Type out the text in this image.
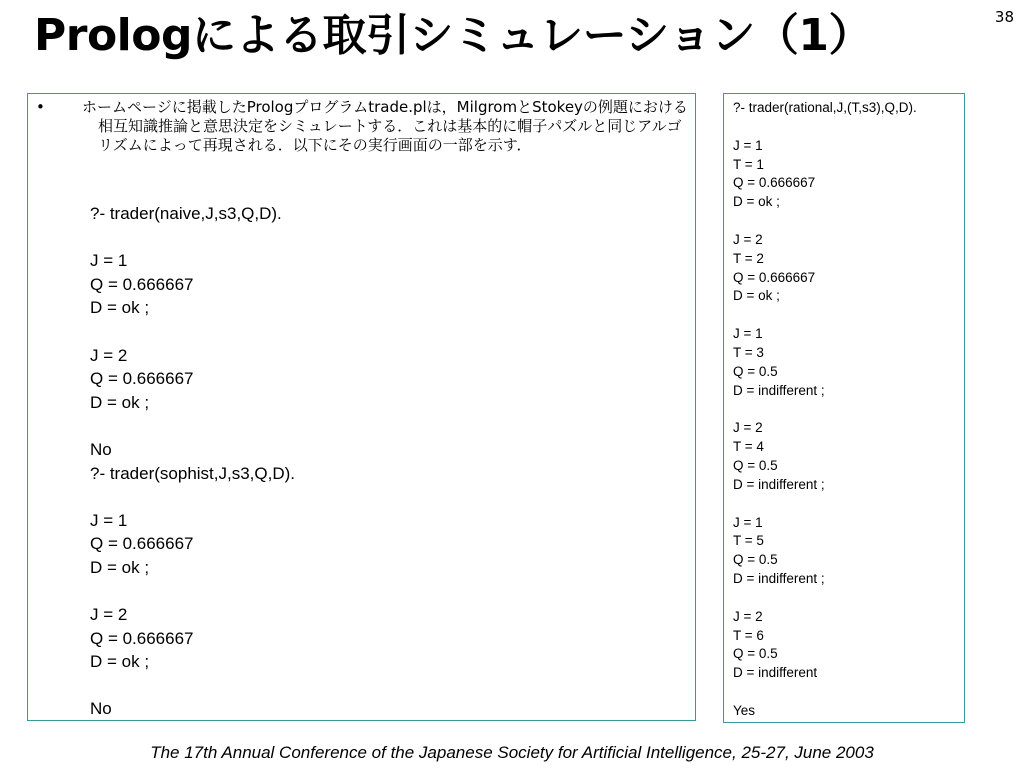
38
Prologによる取引シミュレーション（1）
• ホームページに掲載したPrologプログラムtrade.plは，MilgromとStokeyの例題における相互知識推論と意思決定をシミュレートする．これは基本的に帽子パズルと同じアルゴリズムによって再現される．以下にその実行画面の一部を示す．

?- trader(naive,J,s3,Q,D).
J = 1
Q = 0.666667
D = ok ;
J = 2
Q = 0.666667
D = ok ;
No
?- trader(sophist,J,s3,Q,D).
J = 1
Q = 0.666667
D = ok ;
J = 2
Q = 0.666667
D = ok ;
No
?- trader(rational,J,(T,s3),Q,D).
J = 1
T = 1
Q = 0.666667
D = ok ;
J = 2
T = 2
Q = 0.666667
D = ok ;
J = 1
T = 3
Q = 0.5
D = indifferent ;
J = 2
T = 4
Q = 0.5
D = indifferent ;
J = 1
T = 5
Q = 0.5
D = indifferent ;
J = 2
T = 6
Q = 0.5
D = indifferent
Yes
The 17th Annual Conference of the Japanese Society for Artificial Intelligence, 25-27, June 2003
